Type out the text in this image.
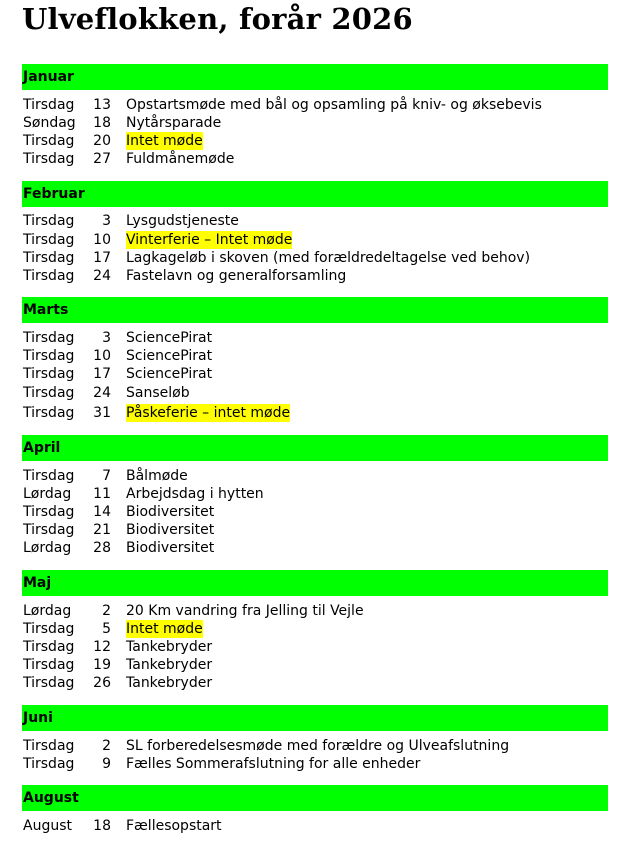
Ulveflokken, forår 2026
Januar
Tirsdag 13 Opstartsmøde med bål og opsamling på kniv- og øksebevis
Søndag 18 Nytårsparade
Tirsdag 20 Intet møde
Tirsdag 27 Fuldmånemøde
Februar
Tirsdag	3 Lysgudstjeneste
Tirsdag 10 Vinterferie – Intet møde
Tirsdag 17 Lagkageløb i skoven (med forældredeltagelse ved behov)
Tirsdag 24 Fastelavn og generalforsamling
Marts
Tirsdag	3 SciencePirat
Tirsdag 10 SciencePirat
Tirsdag 17 SciencePirat
Tirsdag 24 Sanseløb
Tirsdag 31 Påskeferie – intet møde
April
Tirsdag	7 Bålmøde
Lørdag 11 Arbejdsdag i hytten
Tirsdag 14 Biodiversitet
Tirsdag 21 Biodiversitet
Lørdag 28 Biodiversitet
Maj
Lørdag	2 20 Km vandring fra Jelling til Vejle
Tirsdag	5 Intet møde
Tirsdag 12 Tankebryder
Tirsdag 19 Tankebryder
Tirsdag 26 Tankebryder
Juni
Tirsdag	2 SL forberedelsesmøde med forældre og Ulveafslutning
Tirsdag	9 Fælles Sommerafslutning for alle enheder
August
August 18 Fællesopstart
